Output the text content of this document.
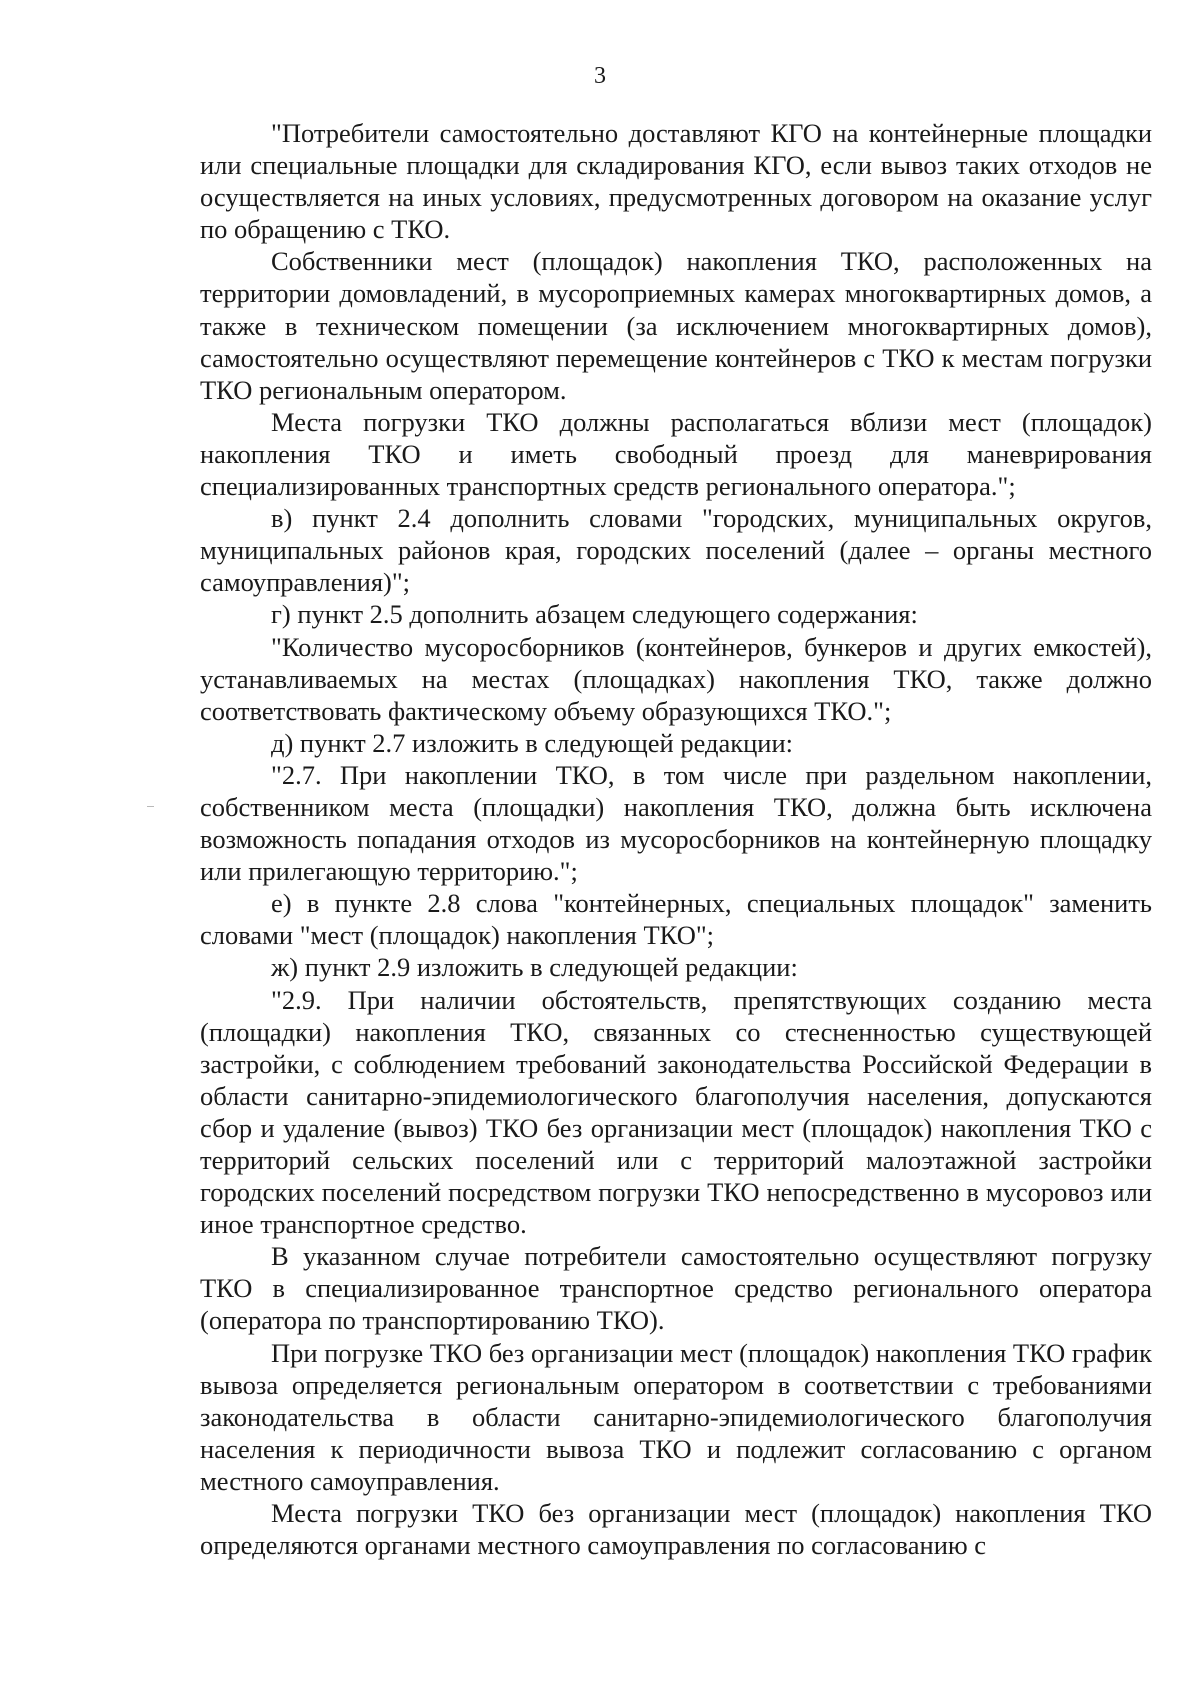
3

"Потребители самостоятельно доставляют КГО на контейнерные площадки или специальные площадки для складирования КГО, если вывоз таких отходов не осуществляется на иных условиях, предусмотренных договором на оказание услуг по обращению с ТКО.

Собственники мест (площадок) накопления ТКО, расположенных на территории домовладений, в мусороприемных камерах многоквартирных домов, а также в техническом помещении (за исключением многоквартирных домов), самостоятельно осуществляют перемещение контейнеров с ТКО к местам погрузки ТКО региональным оператором.

Места погрузки ТКО должны располагаться вблизи мест (площадок) накопления ТКО и иметь свободный проезд для маневрирования специализированных транспортных средств регионального оператора.";

в) пункт 2.4 дополнить словами "городских, муниципальных округов, муниципальных районов края, городских поселений (далее – органы местного самоуправления)";

г) пункт 2.5 дополнить абзацем следующего содержания:

"Количество мусоросборников (контейнеров, бункеров и других емкостей), устанавливаемых на местах (площадках) накопления ТКО, также должно соответствовать фактическому объему образующихся ТКО.";

д) пункт 2.7 изложить в следующей редакции:

"2.7. При накоплении ТКО, в том числе при раздельном накоплении, собственником места (площадки) накопления ТКО, должна быть исключена возможность попадания отходов из мусоросборников на контейнерную площадку или прилегающую территорию.";

е) в пункте 2.8 слова "контейнерных, специальных площадок" заменить словами "мест (площадок) накопления ТКО";

ж) пункт 2.9 изложить в следующей редакции:

"2.9. При наличии обстоятельств, препятствующих созданию места (площадки) накопления ТКО, связанных со стесненностью существующей застройки, с соблюдением требований законодательства Российской Федерации в области санитарно-эпидемиологического благополучия населения, допускаются сбор и удаление (вывоз) ТКО без организации мест (площадок) накопления ТКО с территорий сельских поселений или с территорий малоэтажной застройки городских поселений посредством погрузки ТКО непосредственно в мусоровоз или иное транспортное средство.

В указанном случае потребители самостоятельно осуществляют погрузку ТКО в специализированное транспортное средство регионального оператора (оператора по транспортированию ТКО).

При погрузке ТКО без организации мест (площадок) накопления ТКО график вывоза определяется региональным оператором в соответствии с требованиями законодательства в области санитарно-эпидемиологического благополучия населения к периодичности вывоза ТКО и подлежит согласованию с органом местного самоуправления.

Места погрузки ТКО без организации мест (площадок) накопления ТКО определяются органами местного самоуправления по согласованию с
